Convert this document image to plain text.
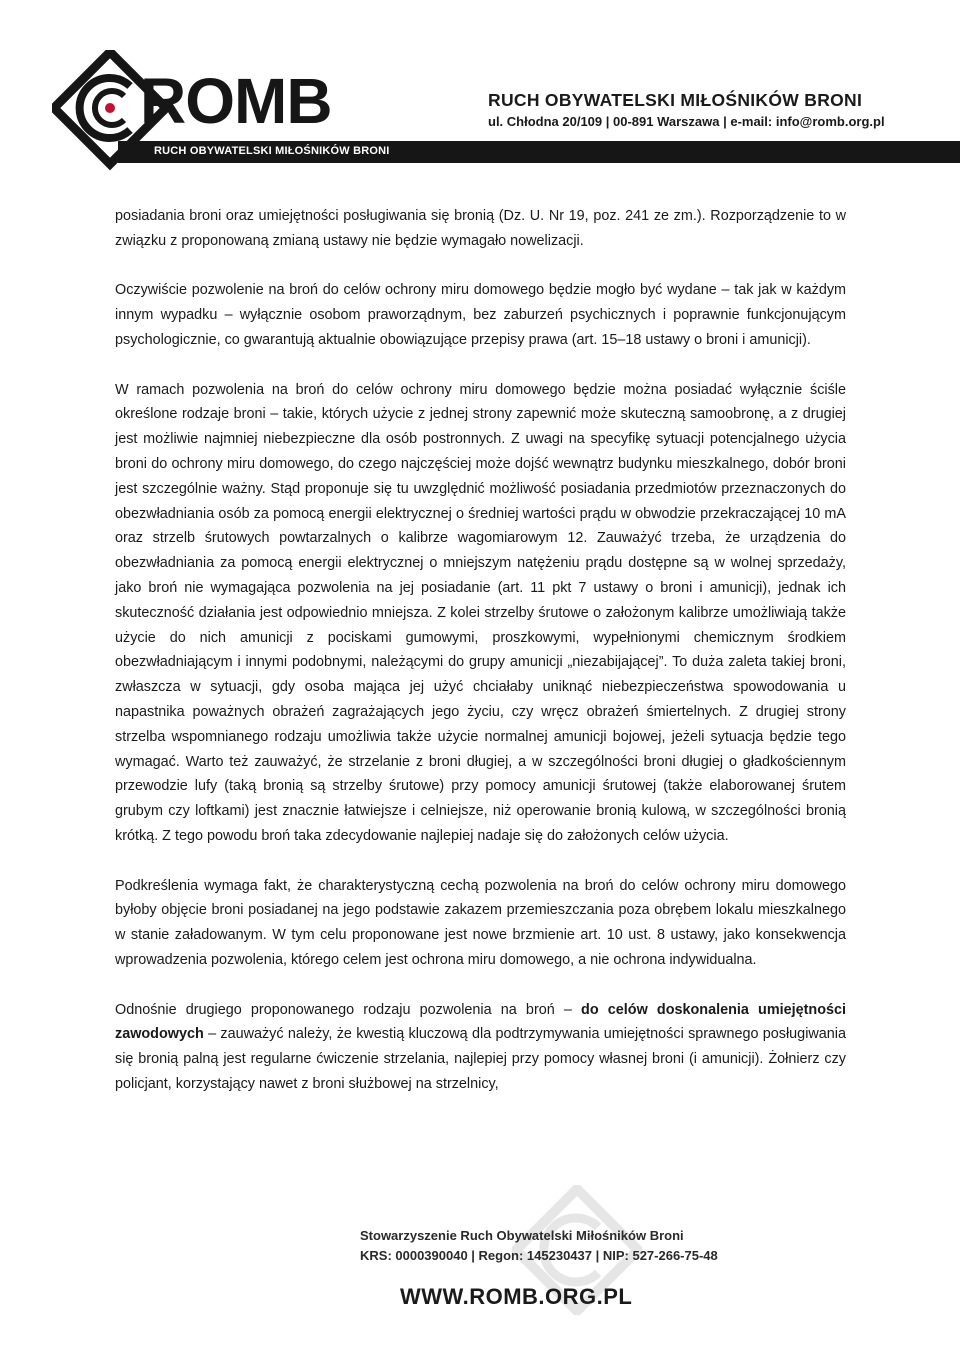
ROMB
RUCH OBYWATELSKI MIŁOŚNIKÓW BRONI
RUCH OBYWATELSKI MIŁOŚNIKÓW BRONI
ul. Chłodna 20/109 | 00-891 Warszawa | e-mail: info@romb.org.pl

posiadania broni oraz umiejętności posługiwania się bronią (Dz. U. Nr 19, poz. 241 ze zm.). Rozporządzenie to w związku z proponowaną zmianą ustawy nie będzie wymagało nowelizacji.

Oczywiście pozwolenie na broń do celów ochrony miru domowego będzie mogło być wydane – tak jak w każdym innym wypadku – wyłącznie osobom praworządnym, bez zaburzeń psychicznych i poprawnie funkcjonującym psychologicznie, co gwarantują aktualnie obowiązujące przepisy prawa (art. 15–18 ustawy o broni i amunicji).

W ramach pozwolenia na broń do celów ochrony miru domowego będzie można posiadać wyłącznie ściśle określone rodzaje broni – takie, których użycie z jednej strony zapewnić może skuteczną samoobronę, a z drugiej jest możliwie najmniej niebezpieczne dla osób postronnych. Z uwagi na specyfikę sytuacji potencjalnego użycia broni do ochrony miru domowego, do czego najczęściej może dojść wewnątrz budynku mieszkalnego, dobór broni jest szczególnie ważny. Stąd proponuje się tu uwzględnić możliwość posiadania przedmiotów przeznaczonych do obezwładniania osób za pomocą energii elektrycznej o średniej wartości prądu w obwodzie przekraczającej 10 mA oraz strzelb śrutowych powtarzalnych o kalibrze wagomiarowym 12. Zauważyć trzeba, że urządzenia do obezwładniania za pomocą energii elektrycznej o mniejszym natężeniu prądu dostępne są w wolnej sprzedaży, jako broń nie wymagająca pozwolenia na jej posiadanie (art. 11 pkt 7 ustawy o broni i amunicji), jednak ich skuteczność działania jest odpowiednio mniejsza. Z kolei strzelby śrutowe o założonym kalibrze umożliwiają także użycie do nich amunicji z pociskami gumowymi, proszkowymi, wypełnionymi chemicznym środkiem obezwładniającym i innymi podobnymi, należącymi do grupy amunicji „niezabijającej”. To duża zaleta takiej broni, zwłaszcza w sytuacji, gdy osoba mająca jej użyć chciałaby uniknąć niebezpieczeństwa spowodowania u napastnika poważnych obrażeń zagrażających jego życiu, czy wręcz obrażeń śmiertelnych. Z drugiej strony strzelba wspomnianego rodzaju umożliwia także użycie normalnej amunicji bojowej, jeżeli sytuacja będzie tego wymagać. Warto też zauważyć, że strzelanie z broni długiej, a w szczególności broni długiej o gładkościennym przewodzie lufy (taką bronią są strzelby śrutowe) przy pomocy amunicji śrutowej (także elaborowanej śrutem grubym czy loftkami) jest znacznie łatwiejsze i celniejsze, niż operowanie bronią kulową, w szczególności bronią krótką. Z tego powodu broń taka zdecydowanie najlepiej nadaje się do założonych celów użycia.

Podkreślenia wymaga fakt, że charakterystyczną cechą pozwolenia na broń do celów ochrony miru domowego byłoby objęcie broni posiadanej na jego podstawie zakazem przemieszczania poza obrębem lokalu mieszkalnego w stanie załadowanym. W tym celu proponowane jest nowe brzmienie art. 10 ust. 8 ustawy, jako konsekwencja wprowadzenia pozwolenia, którego celem jest ochrona miru domowego, a nie ochrona indywidualna.

Odnośnie drugiego proponowanego rodzaju pozwolenia na broń – do celów doskonalenia umiejętności zawodowych – zauważyć należy, że kwestią kluczową dla podtrzymywania umiejętności sprawnego posługiwania się bronią palną jest regularne ćwiczenie strzelania, najlepiej przy pomocy własnej broni (i amunicji). Żołnierz czy policjant, korzystający nawet z broni służbowej na strzelnicy,

Stowarzyszenie Ruch Obywatelski Miłośników Broni
KRS: 0000390040 | Regon: 145230437 | NIP: 527-266-75-48
WWW.ROMB.ORG.PL
